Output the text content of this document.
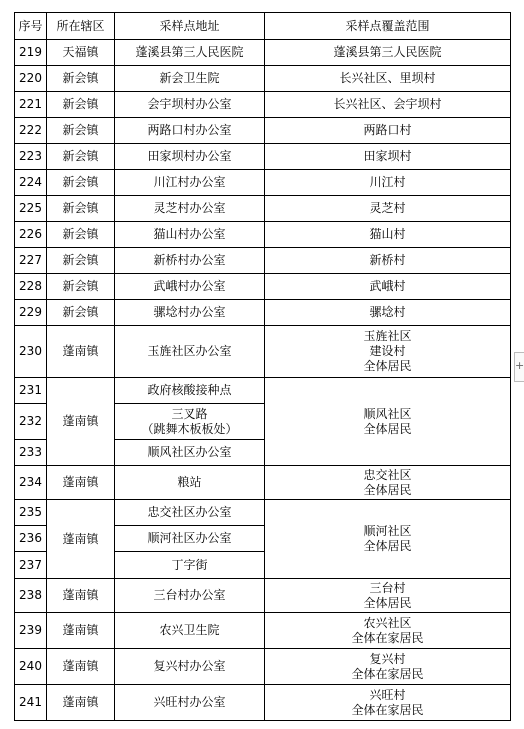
序号	所在辖区	采样点地址	采样点覆盖范围
219	天福镇	蓬溪县第三人民医院	蓬溪县第三人民医院
220	新会镇	新会卫生院	长兴社区、里坝村
221	新会镇	会宇坝村办公室	长兴社区、会宇坝村
222	新会镇	两路口村办公室	两路口村
223	新会镇	田家坝村办公室	田家坝村
224	新会镇	川江村办公室	川江村
225	新会镇	灵芝村办公室	灵芝村
226	新会镇	猫山村办公室	猫山村
227	新会镇	新桥村办公室	新桥村
228	新会镇	武峨村办公室	武峨村
229	新会镇	骡埝村办公室	骡埝村
230	蓬南镇	玉旌社区办公室	玉旌社区
建设村
全体居民

231	蓬南镇	政府核酸接种点	顺风社区
全体居民

232		三叉路
（跳舞木板板处）	

233		顺风社区办公室	

234	蓬南镇	粮站	忠交社区
全体居民

235	蓬南镇	忠交社区办公室	顺河社区
全体居民

236		顺河社区办公室	
237		丁字街	
238	蓬南镇	三台村办公室	三台村
全体居民

239	蓬南镇	农兴卫生院	农兴社区
全体在家居民

240	蓬南镇	复兴村办公室	复兴村
全体在家居民

241	蓬南镇	兴旺村办公室	兴旺村
全体在家居民
+
